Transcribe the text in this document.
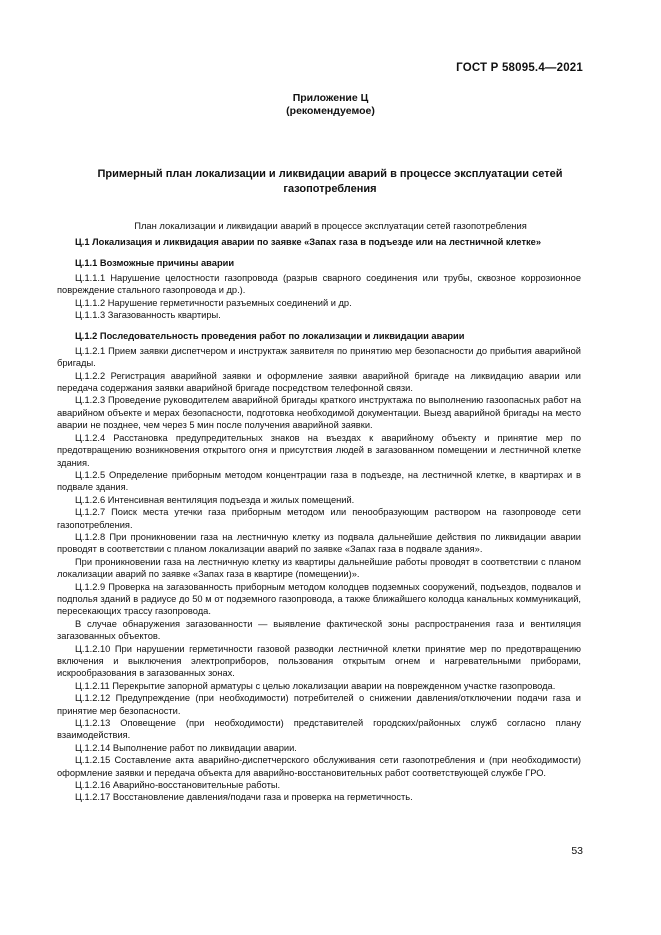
ГОСТ Р 58095.4—2021
Приложение Ц
(рекомендуемое)
Примерный план локализации и ликвидации аварий в процессе эксплуатации сетей газопотребления
План локализации и ликвидации аварий в процессе эксплуатации сетей газопотребления

Ц.1 Локализация и ликвидация аварии по заявке «Запах газа в подъезде или на лестничной клетке»

Ц.1.1 Возможные причины аварии

Ц.1.1.1 Нарушение целостности газопровода (разрыв сварного соединения или трубы, сквозное коррозионное повреждение стального газопровода и др.).

Ц.1.1.2 Нарушение герметичности разъемных соединений и др.

Ц.1.1.3 Загазованность квартиры.

Ц.1.2 Последовательность проведения работ по локализации и ликвидации аварии

Ц.1.2.1 Прием заявки диспетчером и инструктаж заявителя по принятию мер безопасности до прибытия аварийной бригады.

Ц.1.2.2 Регистрация аварийной заявки и оформление заявки аварийной бригаде на ликвидацию аварии или передача содержания заявки аварийной бригаде посредством телефонной связи.

Ц.1.2.3 Проведение руководителем аварийной бригады краткого инструктажа по выполнению газоопасных работ на аварийном объекте и мерах безопасности, подготовка необходимой документации. Выезд аварийной бригады на место аварии не позднее, чем через 5 мин после получения аварийной заявки.

Ц.1.2.4 Расстановка предупредительных знаков на въездах к аварийному объекту и принятие мер по предотвращению возникновения открытого огня и присутствия людей в загазованном помещении и лестничной клетке здания.

Ц.1.2.5 Определение приборным методом концентрации газа в подъезде, на лестничной клетке, в квартирах и в подвале здания.

Ц.1.2.6 Интенсивная вентиляция подъезда и жилых помещений.

Ц.1.2.7 Поиск места утечки газа приборным методом или пенообразующим раствором на газопроводе сети газопотребления.

Ц.1.2.8 При проникновении газа на лестничную клетку из подвала дальнейшие действия по ликвидации аварии проводят в соответствии с планом локализации аварий по заявке «Запах газа в подвале здания».

При проникновении газа на лестничную клетку из квартиры дальнейшие работы проводят в соответствии с планом локализации аварий по заявке «Запах газа в квартире (помещении)».

Ц.1.2.9 Проверка на загазованность приборным методом колодцев подземных сооружений, подъездов, подвалов и подполья зданий в радиусе до 50 м от подземного газопровода, а также ближайшего колодца канальных коммуникаций, пересекающих трассу газопровода.

В случае обнаружения загазованности — выявление фактической зоны распространения газа и вентиляция загазованных объектов.

Ц.1.2.10 При нарушении герметичности газовой разводки лестничной клетки принятие мер по предотвращению включения и выключения электроприборов, пользования открытым огнем и нагревательными приборами, искрообразования в загазованных зонах.

Ц.1.2.11 Перекрытие запорной арматуры с целью локализации аварии на поврежденном участке газопровода.

Ц.1.2.12 Предупреждение (при необходимости) потребителей о снижении давления/отключении подачи газа и принятие мер безопасности.

Ц.1.2.13 Оповещение (при необходимости) представителей городских/районных служб согласно плану взаимодействия.

Ц.1.2.14 Выполнение работ по ликвидации аварии.

Ц.1.2.15 Составление акта аварийно-диспетчерского обслуживания сети газопотребления и (при необходимости) оформление заявки и передача объекта для аварийно-восстановительных работ соответствующей службе ГРО.

Ц.1.2.16 Аварийно-восстановительные работы.

Ц.1.2.17 Восстановление давления/подачи газа и проверка на герметичность.

53
